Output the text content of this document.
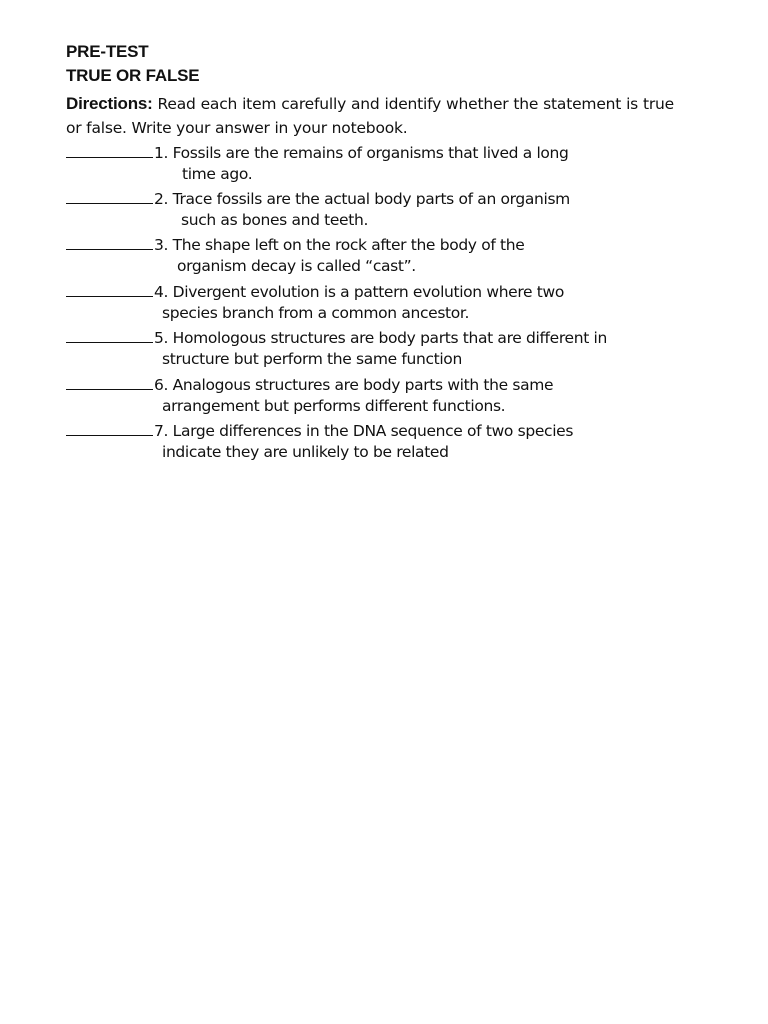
PRE-TEST
TRUE OR FALSE
Directions: Read each item carefully and identify whether the statement is true or false. Write your answer in your notebook.
1. Fossils are the remains of organisms that lived a long
time ago.
2. Trace fossils are the actual body parts of an organism
such as bones and teeth.
3. The shape left on the rock after the body of the
organism decay is called “cast”.
4. Divergent evolution is a pattern evolution where two
species branch from a common ancestor.
5. Homologous structures are body parts that are different in
structure but perform the same function
6. Analogous structures are body parts with the same
arrangement but performs different functions.
7. Large differences in the DNA sequence of two species
indicate they are unlikely to be related
